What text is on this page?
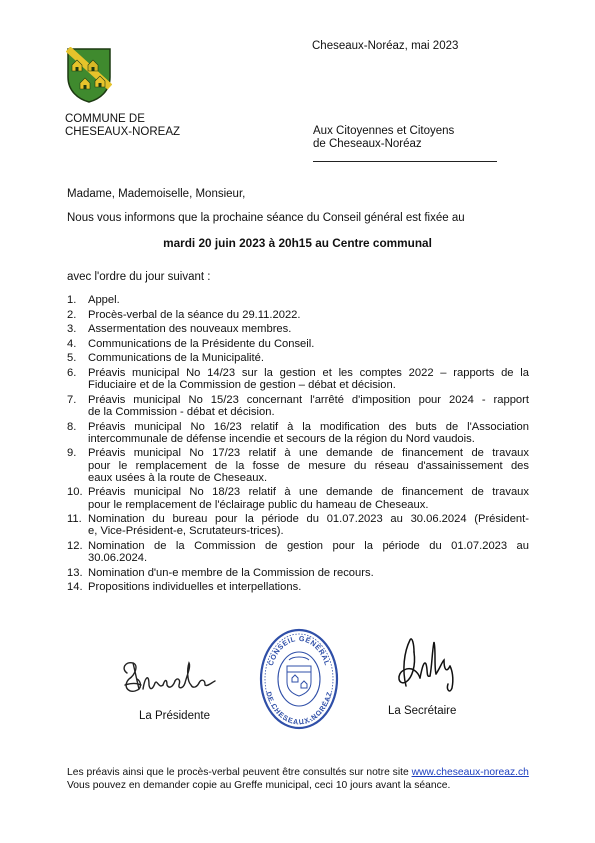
COMMUNE DE
CHESEAUX-NOREAZ
Cheseaux-Noréaz, mai 2023
Aux Citoyennes et Citoyens
de Cheseaux-Noréaz
Madame, Mademoiselle, Monsieur,
Nous vous informons que la prochaine séance du Conseil général est fixée au
mardi 20 juin 2023 à 20h15 au Centre communal
avec l'ordre du jour suivant :
1. Appel.
2. Procès-verbal de la séance du 29.11.2022.
3. Assermentation des nouveaux membres.
4. Communications de la Présidente du Conseil.
5. Communications de la Municipalité.
6. Préavis municipal No 14/23 sur la gestion et les comptes 2022 – rapports de la
Fiduciaire et de la Commission de gestion – débat et décision.
7. Préavis municipal No 15/23 concernant l'arrêté d'imposition pour 2024 - rapport
de la Commission - débat et décision.
8. Préavis municipal No 16/23 relatif à la modification des buts de l'Association
intercommunale de défense incendie et secours de la région du Nord vaudois.
9. Préavis municipal No 17/23 relatif à une demande de financement de travaux
pour le remplacement de la fosse de mesure du réseau d'assainissement des
eaux usées à la route de Cheseaux.
10. Préavis municipal No 18/23 relatif à une demande de financement de travaux
pour le remplacement de l'éclairage public du hameau de Cheseaux.
11. Nomination du bureau pour la période du 01.07.2023 au 30.06.2024 (Président-
e, Vice-Président-e, Scrutateurs-trices).
12. Nomination de la Commission de gestion pour la période du 01.07.2023 au
30.06.2024.
13. Nomination d'un-e membre de la Commission de recours.
14. Propositions individuelles et interpellations.
CONSEIL GÉNÉRAL
DE CHESEAUX-NORÉAZ
La Présidente	La Secrétaire
Les préavis ainsi que le procès-verbal peuvent être consultés sur notre site www.cheseaux-noreaz.ch
Vous pouvez en demander copie au Greffe municipal, ceci 10 jours avant la séance.
